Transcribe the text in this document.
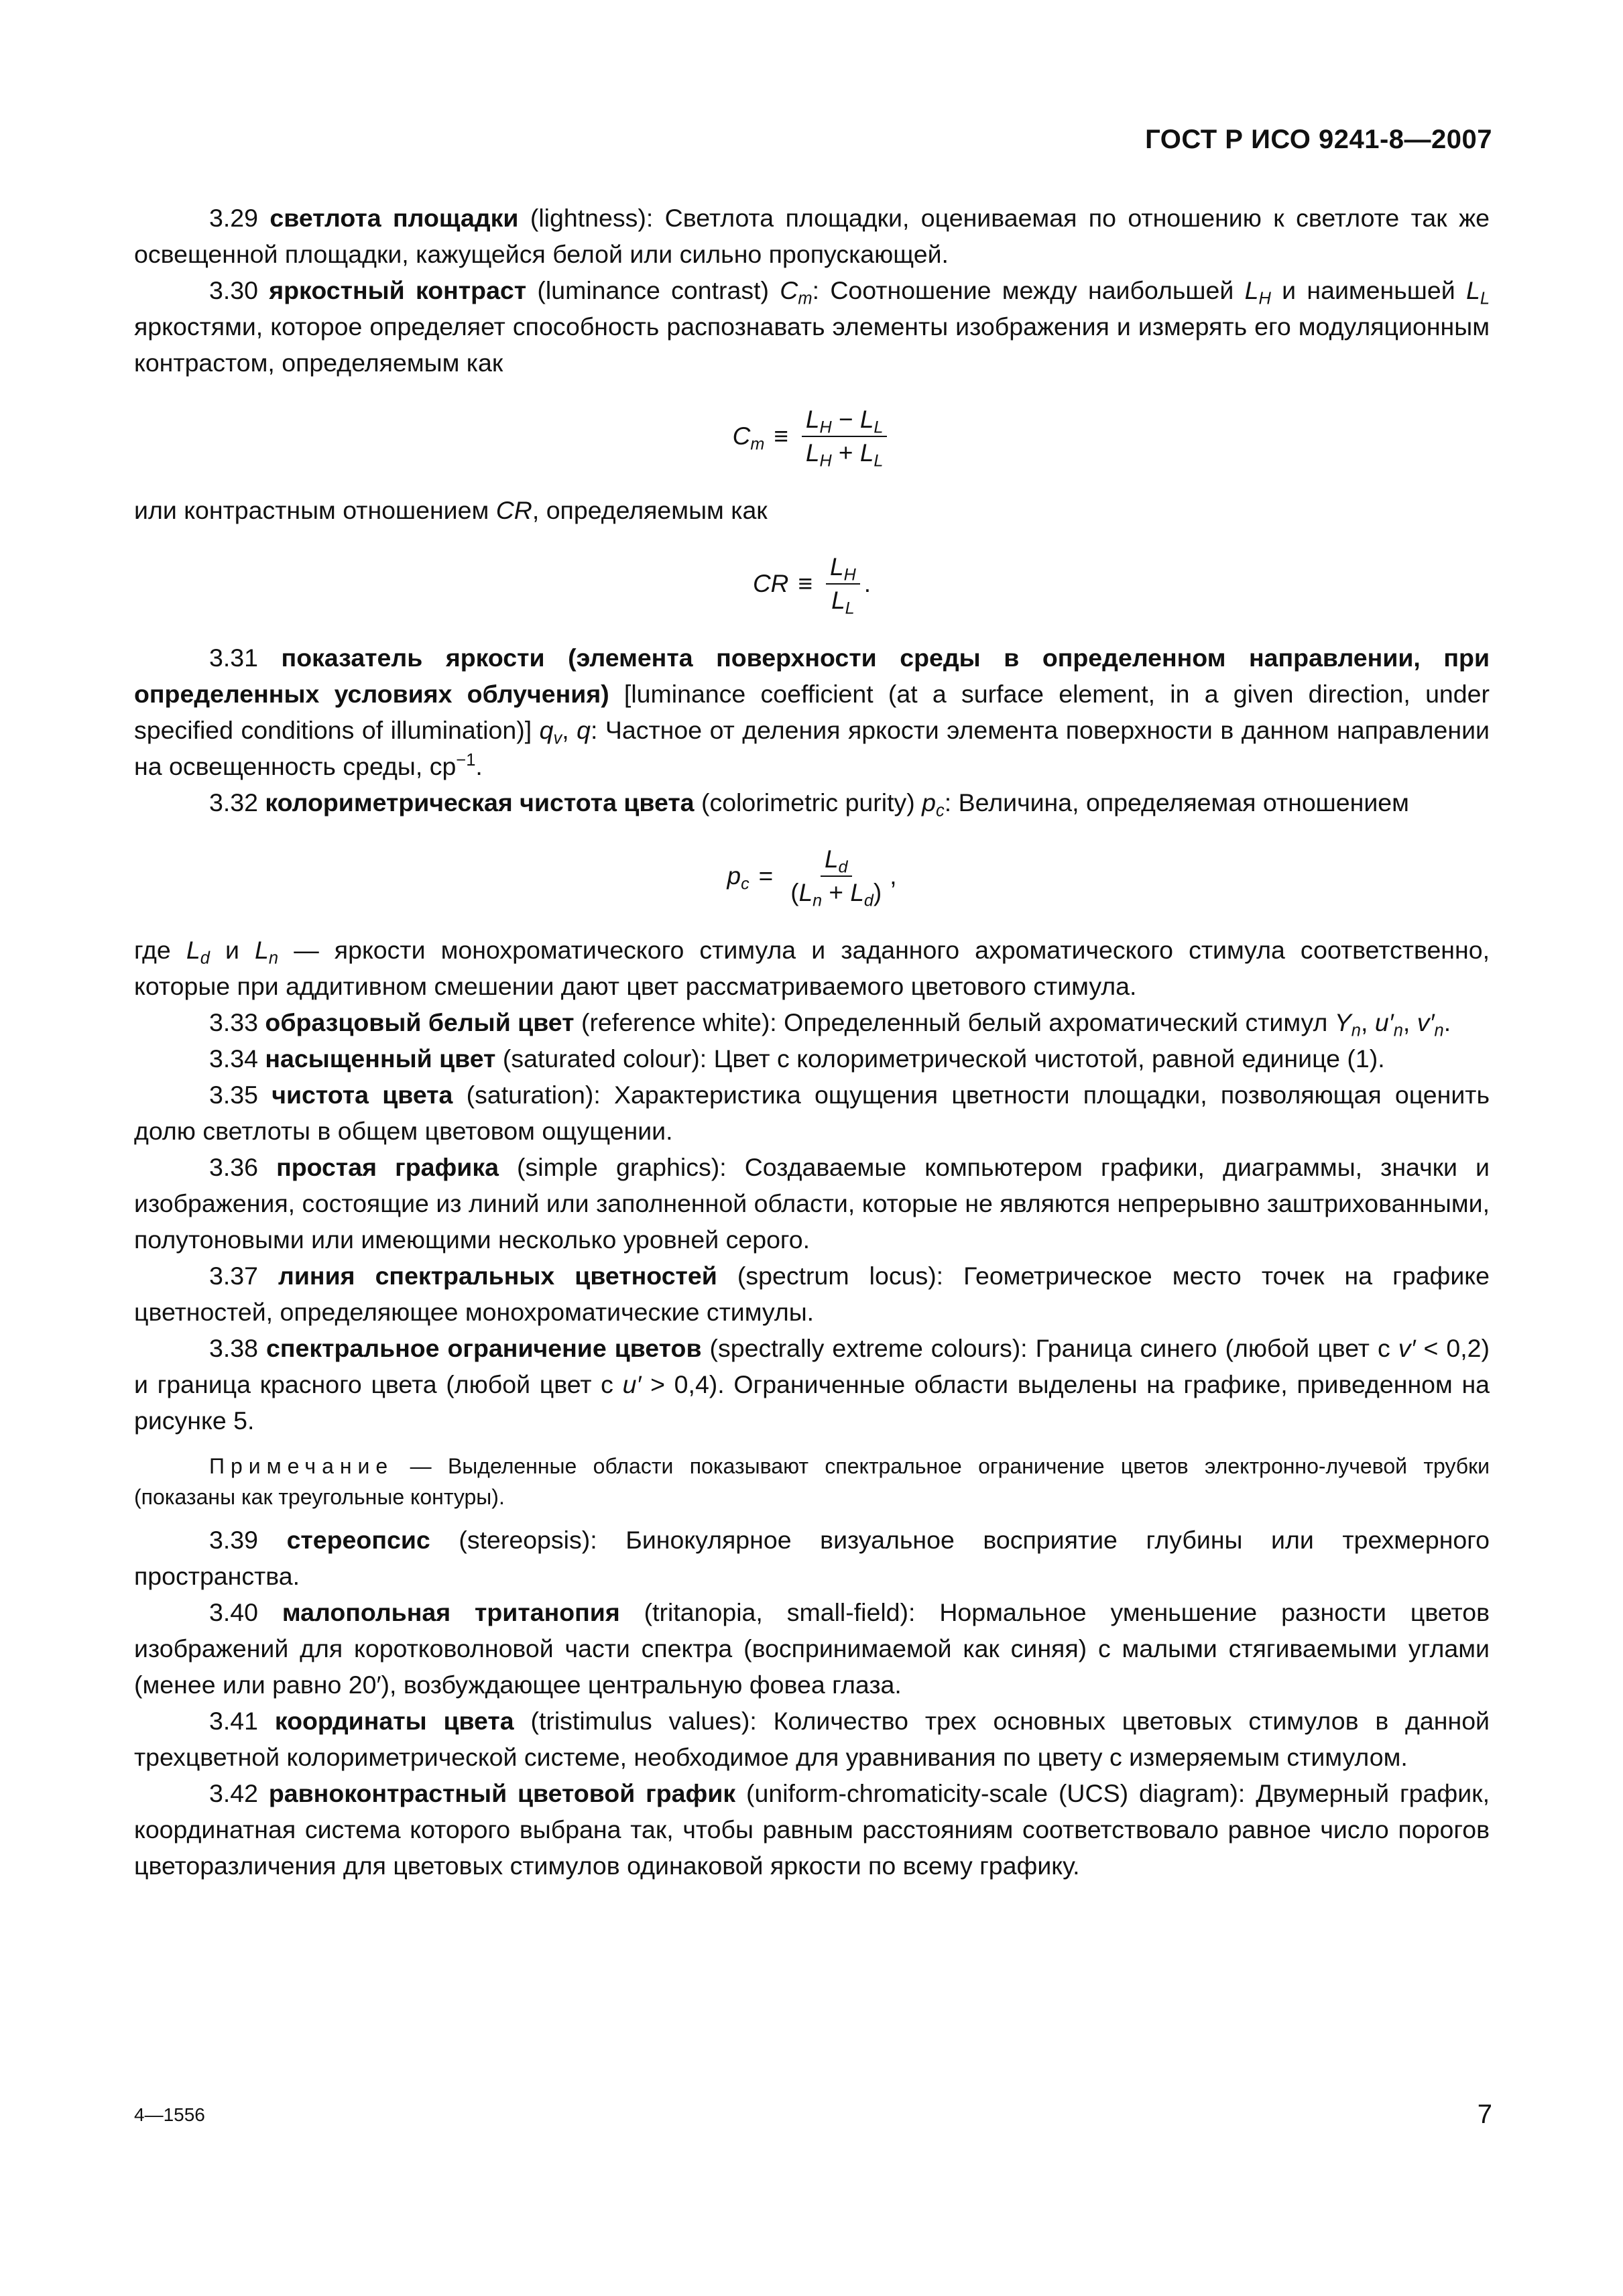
ГОСТ Р ИСО 9241-8—2007

3.29 светлота площадки (lightness): Светлота площадки, оцениваемая по отношению к светлоте так же освещенной площадки, кажущейся белой или сильно пропускающей.

3.30 яркостный контраст (luminance contrast) $C_m$: Соотношение между наибольшей $L_H$ и наименьшей $L_L$ яркостями, которое определяет способность распознавать элементы изображения и измерять его модуляционным контрастом, определяемым как

$C_m \equiv \frac{L_H - L_L}{L_H + L_L}$

или контрастным отношением CR, определяемым как

CR ≡ $\frac{L_H}{L_L}$ .

3.31 показатель яркости (элемента поверхности среды в определенном направлении, при определенных условиях облучения) [luminance coefficient (at a surface element, in a given direction, under specified conditions of illumination)] $q_v$, q: Частное от деления яркости элемента поверхности в данном направлении на освещенность среды, $ср^{-1}$.

3.32 колориметрическая чистота цвета (colorimetric purity) $p_c$: Величина, определяемая отношением

$p_c = \frac{L_d}{(L_n + L_d)}$ ,

где $L_d$ и $L_n$ — яркости монохроматического стимула и заданного ахроматического стимула соответственно, которые при аддитивном смешении дают цвет рассматриваемого цветового стимула.

3.33 образцовый белый цвет (reference white): Определенный белый ахроматический стимул $Y_n$, $u'_n$, $v'_n$.

3.34 насыщенный цвет (saturated colour): Цвет с колориметрической чистотой, равной единице (1).

3.35 чистота цвета (saturation): Характеристика ощущения цветности площадки, позволяющая оценить долю светлоты в общем цветовом ощущении.

3.36 простая графика (simple graphics): Создаваемые компьютером графики, диаграммы, значки и изображения, состоящие из линий или заполненной области, которые не являются непрерывно заштрихованными, полутоновыми или имеющими несколько уровней серого.

3.37 линия спектральных цветностей (spectrum locus): Геометрическое место точек на графике цветностей, определяющее монохроматические стимулы.

3.38 спектральное ограничение цветов (spectrally extreme colours): Граница синего (любой цвет с v′ < 0,2) и граница красного цвета (любой цвет с u′ > 0,4). Ограниченные области выделены на графике, приведенном на рисунке 5.

Примечание — Выделенные области показывают спектральное ограничение цветов электронно-лучевой трубки (показаны как треугольные контуры).

3.39 стереопсис (stereopsis): Бинокулярное визуальное восприятие глубины или трехмерного пространства.

3.40 малопольная тританопия (tritanopia, small-field): Нормальное уменьшение разности цветов изображений для коротковолновой части спектра (воспринимаемой как синяя) с малыми стягиваемыми углами (менее или равно 20′), возбуждающее центральную фовеа глаза.

3.41 координаты цвета (tristimulus values): Количество трех основных цветовых стимулов в данной трехцветной колориметрической системе, необходимое для уравнивания по цвету с измеряемым стимулом.

3.42 равноконтрастный цветовой график (uniform-chromaticity-scale (UCS) diagram): Двумерный график, координатная система которого выбрана так, чтобы равным расстояниям соответствовало равное число порогов цветоразличения для цветовых стимулов одинаковой яркости по всему графику.

4—1556	7
